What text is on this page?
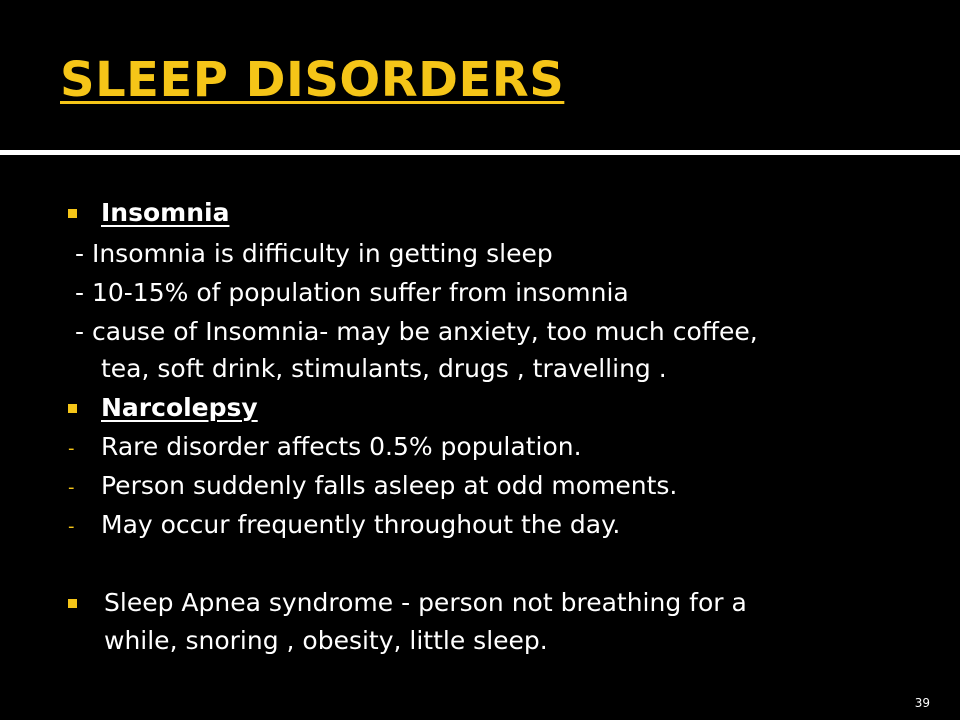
SLEEP DISORDERS
Insomnia
- Insomnia is difficulty in getting sleep
- 10-15% of population suffer from insomnia
- cause of Insomnia- may be anxiety, too much coffee,
tea, soft drink, stimulants, drugs , travelling .
Narcolepsy
- Rare disorder affects 0.5% population.
- Person suddenly falls asleep at odd moments.
- May occur frequently throughout the day.
Sleep Apnea syndrome - person not breathing for a
while, snoring , obesity, little sleep.
39
